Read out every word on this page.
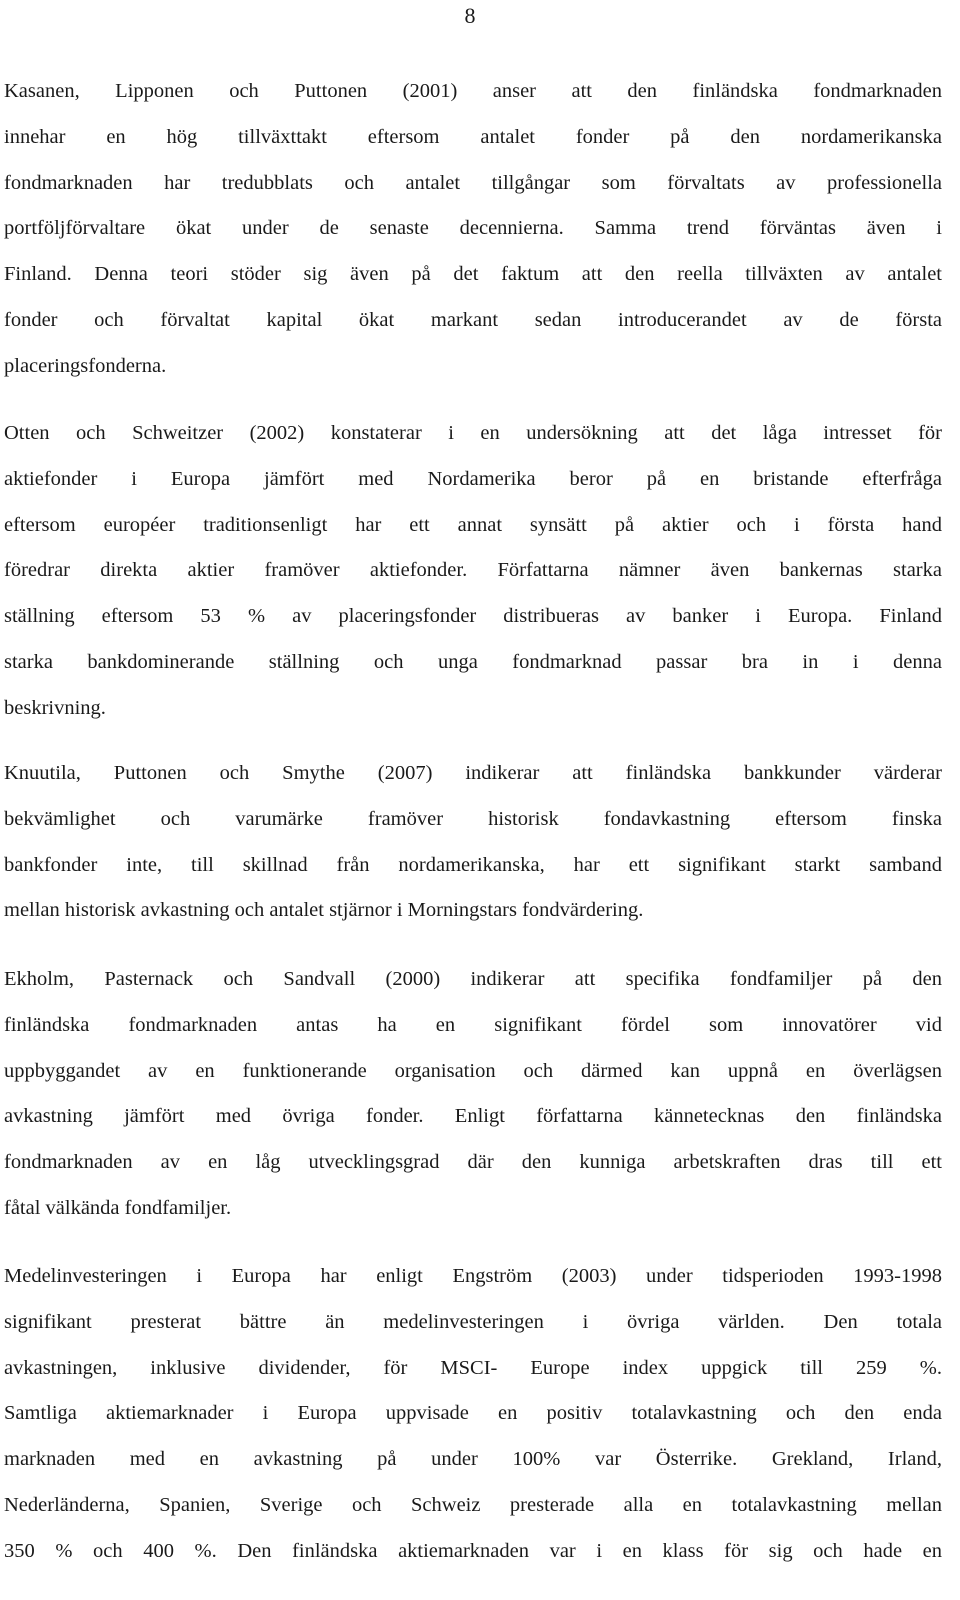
8
Kasanen, Lipponen och Puttonen (2001) anser att den finländska fondmarknaden
innehar en hög tillväxttakt eftersom antalet fonder på den nordamerikanska
fondmarknaden har tredubblats och antalet tillgångar som förvaltats av professionella
portföljförvaltare ökat under de senaste decennierna. Samma trend förväntas även i
Finland. Denna teori stöder sig även på det faktum att den reella tillväxten av antalet
fonder och förvaltat kapital ökat markant sedan introducerandet av de första
placeringsfonderna.
Otten och Schweitzer (2002) konstaterar i en undersökning att det låga intresset för
aktiefonder i Europa jämfört med Nordamerika beror på en bristande efterfråga
eftersom européer traditionsenligt har ett annat synsätt på aktier och i första hand
föredrar direkta aktier framöver aktiefonder. Författarna nämner även bankernas starka
ställning eftersom 53 % av placeringsfonder distribueras av banker i Europa. Finland
starka bankdominerande ställning och unga fondmarknad passar bra in i denna
beskrivning.
Knuutila, Puttonen och Smythe (2007) indikerar att finländska bankkunder värderar
bekvämlighet och varumärke framöver historisk fondavkastning eftersom finska
bankfonder inte, till skillnad från nordamerikanska, har ett signifikant starkt samband
mellan historisk avkastning och antalet stjärnor i Morningstars fondvärdering.
Ekholm, Pasternack och Sandvall (2000) indikerar att specifika fondfamiljer på den
finländska fondmarknaden antas ha en signifikant fördel som innovatörer vid
uppbyggandet av en funktionerande organisation och därmed kan uppnå en överlägsen
avkastning jämfört med övriga fonder. Enligt författarna kännetecknas den finländska
fondmarknaden av en låg utvecklingsgrad där den kunniga arbetskraften dras till ett
fåtal välkända fondfamiljer.
Medelinvesteringen i Europa har enligt Engström (2003) under tidsperioden 1993-1998
signifikant presterat bättre än medelinvesteringen i övriga världen. Den totala
avkastningen, inklusive dividender, för MSCI- Europe index uppgick till 259 %.
Samtliga aktiemarknader i Europa uppvisade en positiv totalavkastning och den enda
marknaden med en avkastning på under 100% var Österrike. Grekland, Irland,
Nederländerna, Spanien, Sverige och Schweiz presterade alla en totalavkastning mellan
350 % och 400 %. Den finländska aktiemarknaden var i en klass för sig och hade en
